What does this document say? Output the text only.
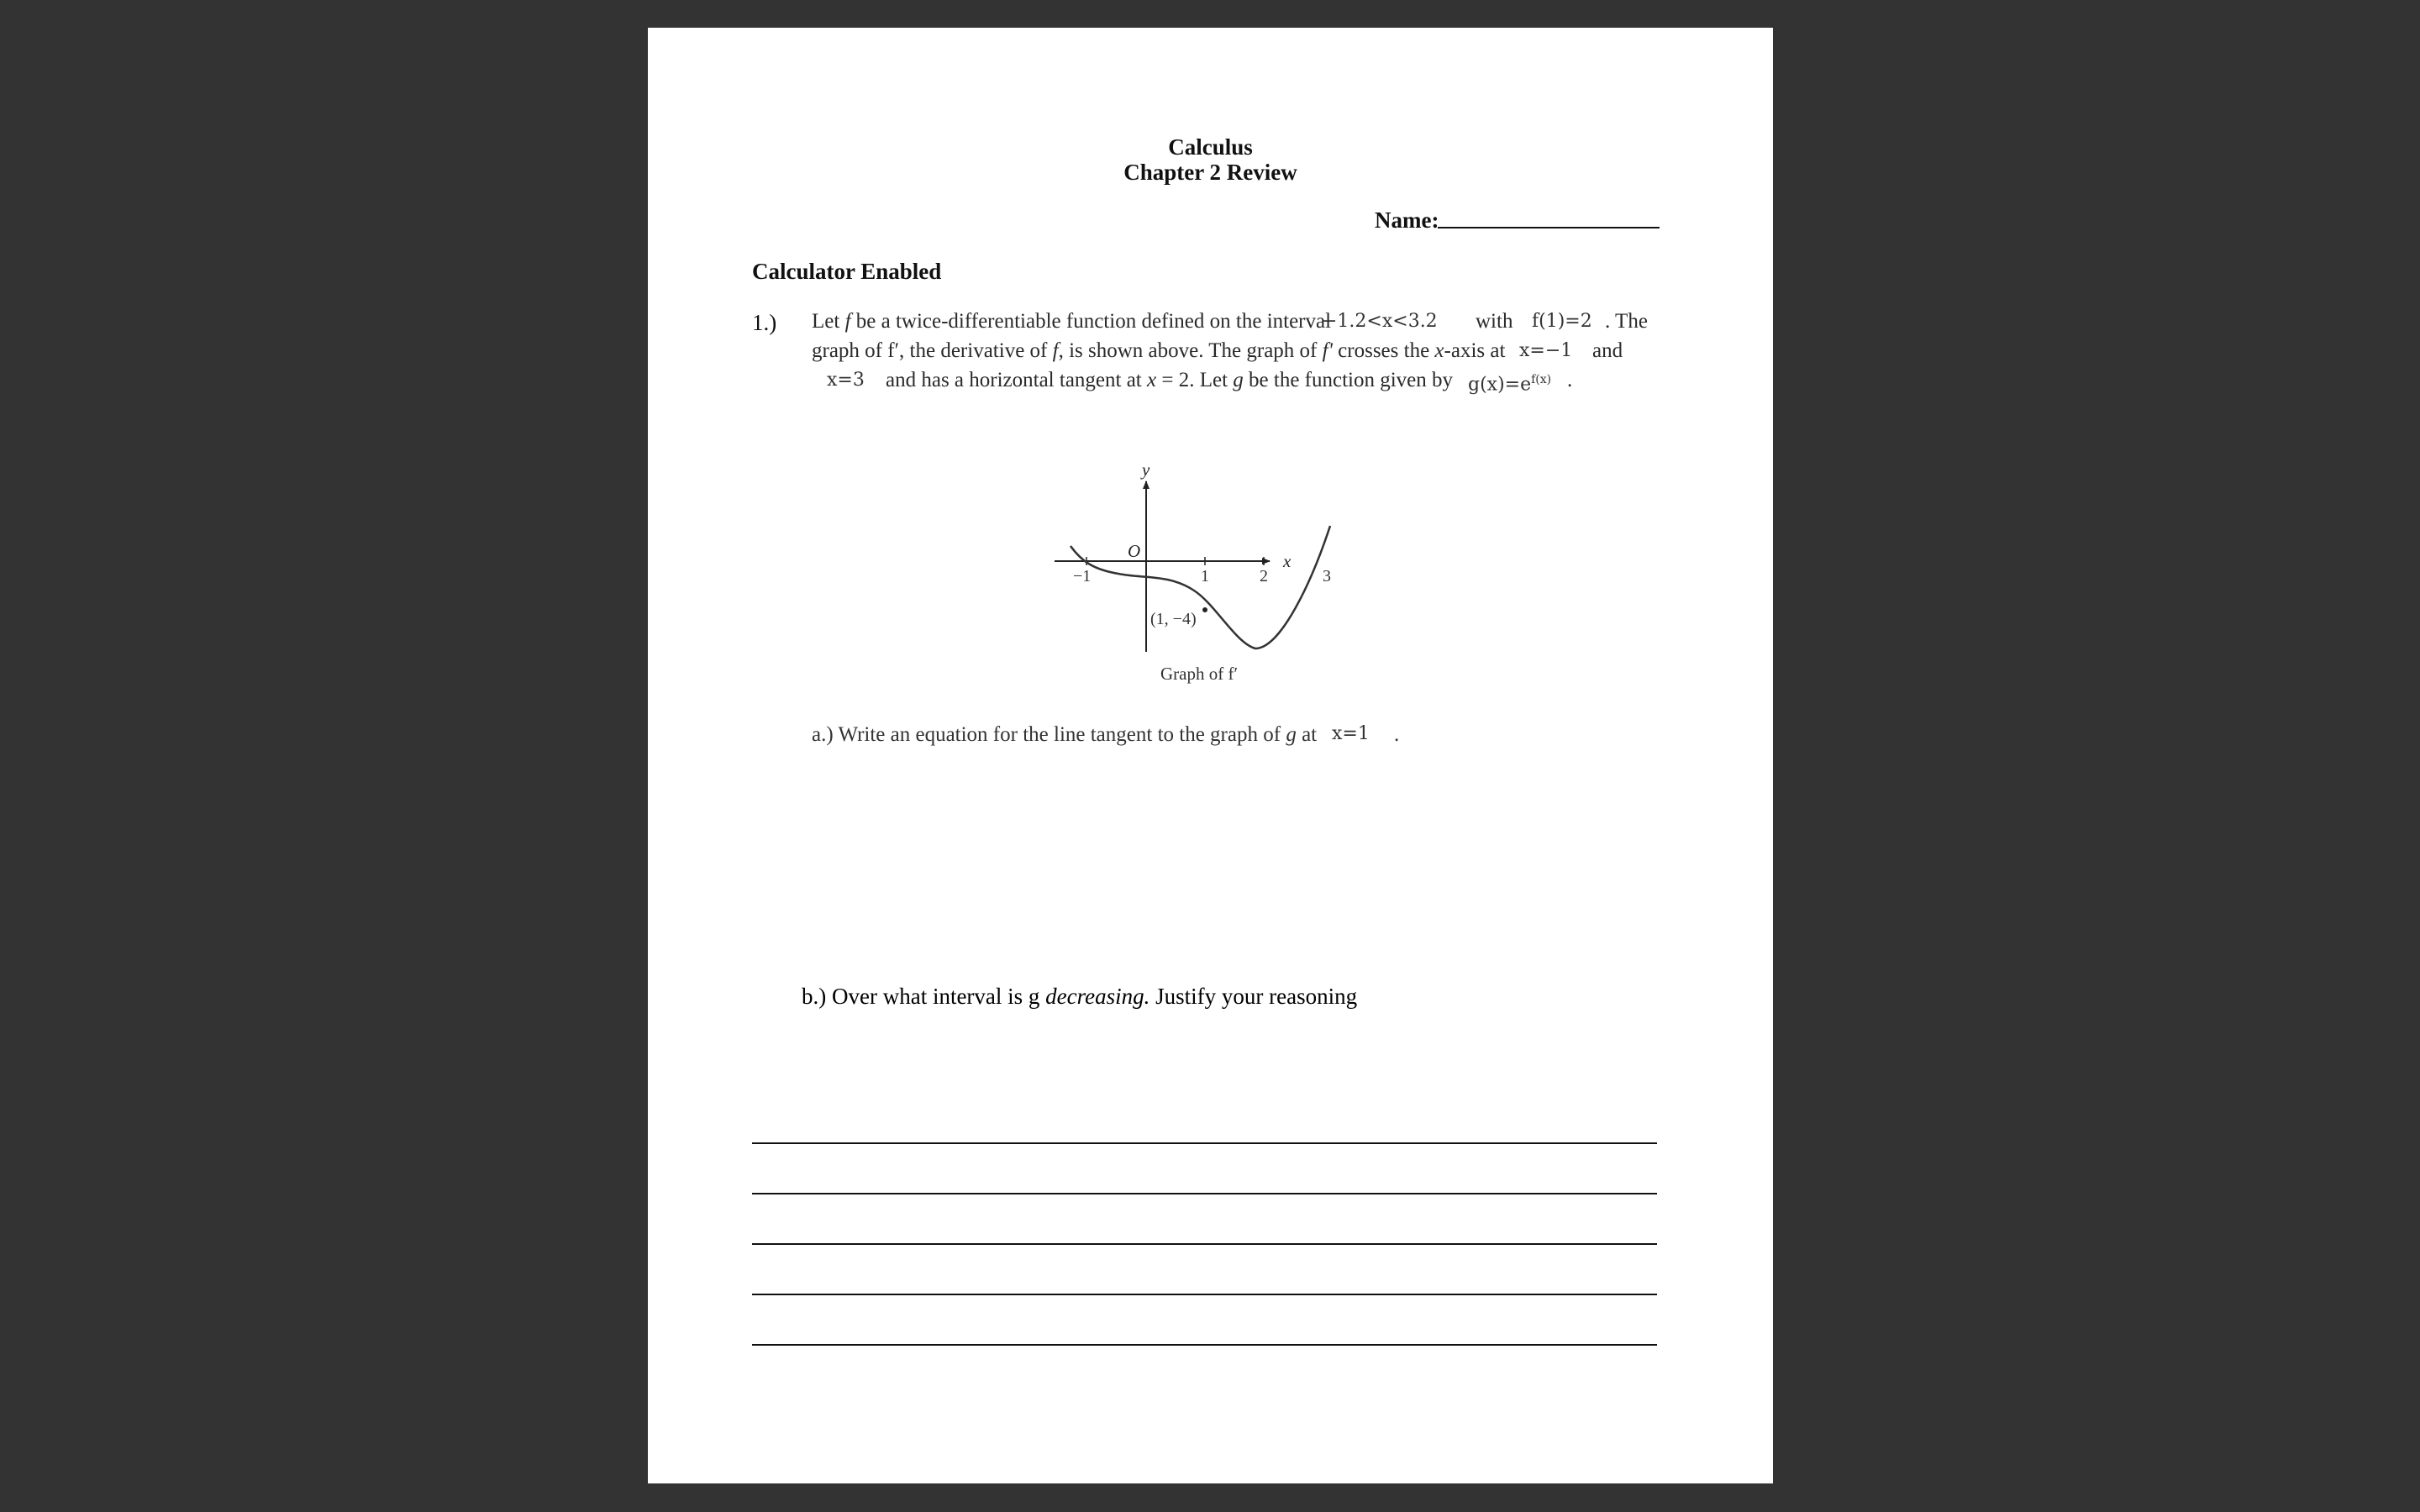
Calculus
Chapter 2 Review
Name:
Calculator Enabled
1.) Let f be a twice-differentiable function defined on the interval
−1.2<x<3.2 with f(1)=2 . The
graph of f′, the derivative of f, is shown above. The graph of f' crosses the x-axis at x=−1 and
x=3 and has a horizontal tangent at x = 2. Let g be the function given by $g(x)=e^{f(x)}$ .
y
x
O
−1	1	2	3
(1, −4)
Graph of f′
a.) Write an equation for the line tangent to the graph of g at x=1 .
b.) Over what interval is g decreasing. Justify your reasoning
